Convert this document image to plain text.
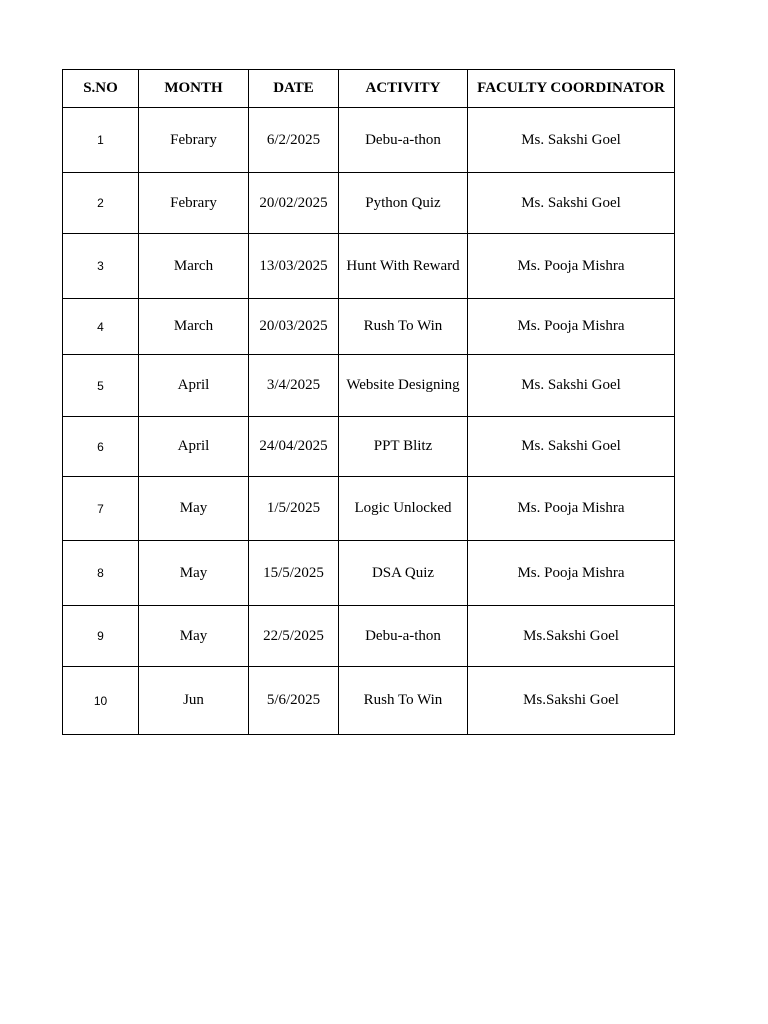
S.NO	MONTH	DATE	ACTIVITY	FACULTY COORDINATOR
1	Febrary	6/2/2025	Debu-a-thon	Ms. Sakshi Goel
2	Febrary	20/02/2025	Python Quiz	Ms. Sakshi Goel
3	March	13/03/2025	Hunt With Reward	Ms. Pooja Mishra
4	March	20/03/2025	Rush To Win	Ms. Pooja Mishra
5	April	3/4/2025	Website Designing	Ms. Sakshi Goel
6	April	24/04/2025	PPT Blitz	Ms. Sakshi Goel
7	May	1/5/2025	Logic Unlocked	Ms. Pooja Mishra
8	May	15/5/2025	DSA Quiz	Ms. Pooja Mishra
9	May	22/5/2025	Debu-a-thon	Ms.Sakshi Goel
10	Jun	5/6/2025	Rush To Win	Ms.Sakshi Goel
